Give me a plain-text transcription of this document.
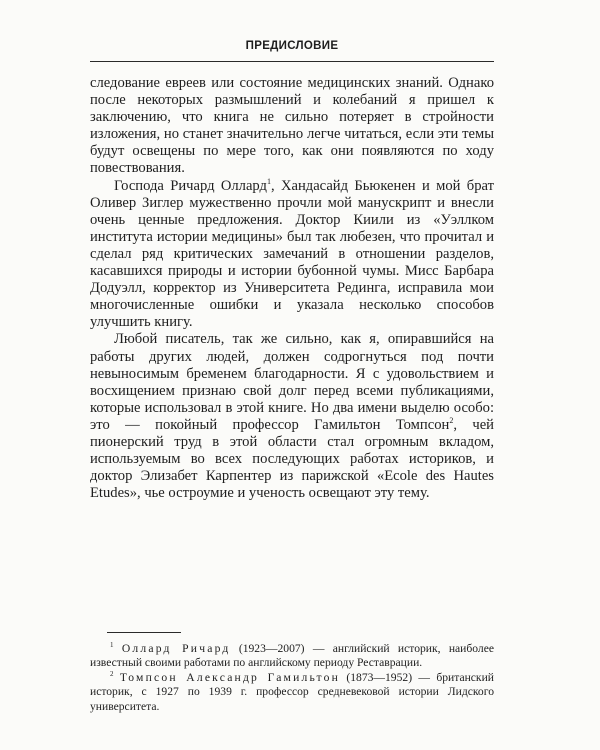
ПРЕДИСЛОВИЕ

следование евреев или состояние медицинских знаний. Однако после некоторых размышлений и колебаний я пришел к заключению, что книга не сильно потеряет в стройности изложения, но станет значительно легче читаться, если эти темы будут освещены по мере того, как они появляются по ходу повествования.

Господа Ричард Оллард$^1$, Хандасайд Бьюкенен и мой брат Оливер Зиглер мужественно прочли мой манускрипт и внесли очень ценные предложения. Доктор Киили из «Уэллком института истории медицины» был так любезен, что прочитал и сделал ряд критических замечаний в отношении разделов, касавшихся природы и истории бубонной чумы. Мисс Барбара Додуэлл, корректор из Университета Рединга, исправила мои многочисленные ошибки и указала несколько способов улучшить книгу.

Любой писатель, так же сильно, как я, опиравшийся на работы других людей, должен содрогнуться под почти невыносимым бременем благодарности. Я с удовольствием и восхищением признаю свой долг перед всеми публикациями, которые использовал в этой книге. Но два имени выделю особо: это — покойный профессор Гамильтон Томпсон$^2$, чей пионерский труд в этой области стал огромным вкладом, используемым во всех последующих работах историков, и доктор Элизабет Карпентер из парижской «Ecole des Hautes Etudes», чье остроумие и ученость освещают эту тему.

$^1$ Оллард Ричард (1923—2007) — английский историк, наиболее известный своими работами по английскому периоду Реставрации.

$^2$ Томпсон Александр Гамильтон (1873—1952) — британский историк, с 1927 по 1939 г. профессор средневековой истории Лидского университета.
